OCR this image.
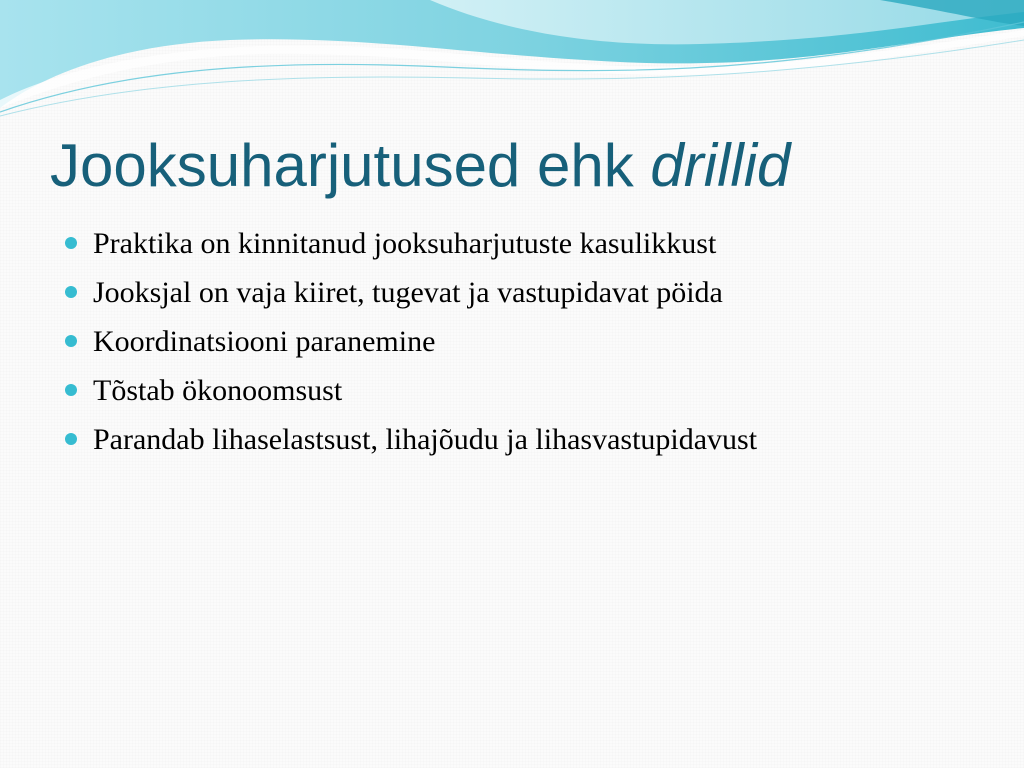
Jooksuharjutused ehk drillid
Praktika on kinnitanud jooksuharjutuste kasulikkust
Jooksjal on vaja kiiret, tugevat ja vastupidavat pöida
Koordinatsiooni paranemine
Tõstab ökonoomsust
Parandab lihaselastsust, lihajõudu ja lihasvastupidavust
